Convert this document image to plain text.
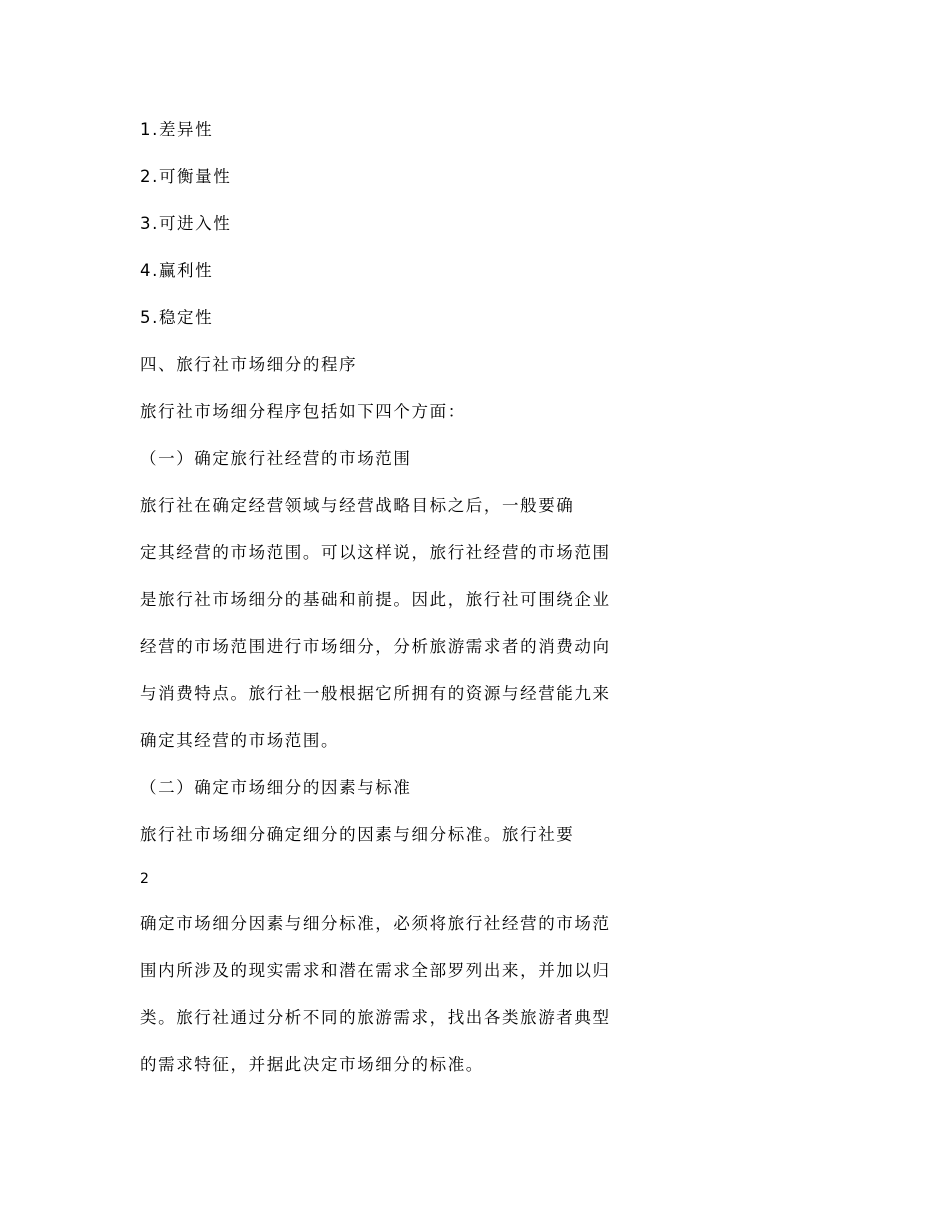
1.差异性
2.可衡量性
3.可进入性
4.赢利性
5.稳定性
四、旅行社市场细分的程序
旅行社市场细分程序包括如下四个方面：
（一）确定旅行社经营的市场范围
旅行社在确定经营领域与经营战略目标之后，一般要确
定其经营的市场范围。可以这样说，旅行社经营的市场范围
是旅行社市场细分的基础和前提。因此，旅行社可围绕企业
经营的市场范围进行市场细分，分析旅游需求者的消费动向
与消费特点。旅行社一般根据它所拥有的资源与经营能九来
确定其经营的市场范围。
（二）确定市场细分的因素与标准
旅行社市场细分确定细分的因素与细分标准。旅行社要
2
确定市场细分因素与细分标准，必须将旅行社经营的市场范
围内所涉及的现实需求和潜在需求全部罗列出来，并加以归
类。旅行社通过分析不同的旅游需求，找出各类旅游者典型
的需求特征，并据此决定市场细分的标准。
